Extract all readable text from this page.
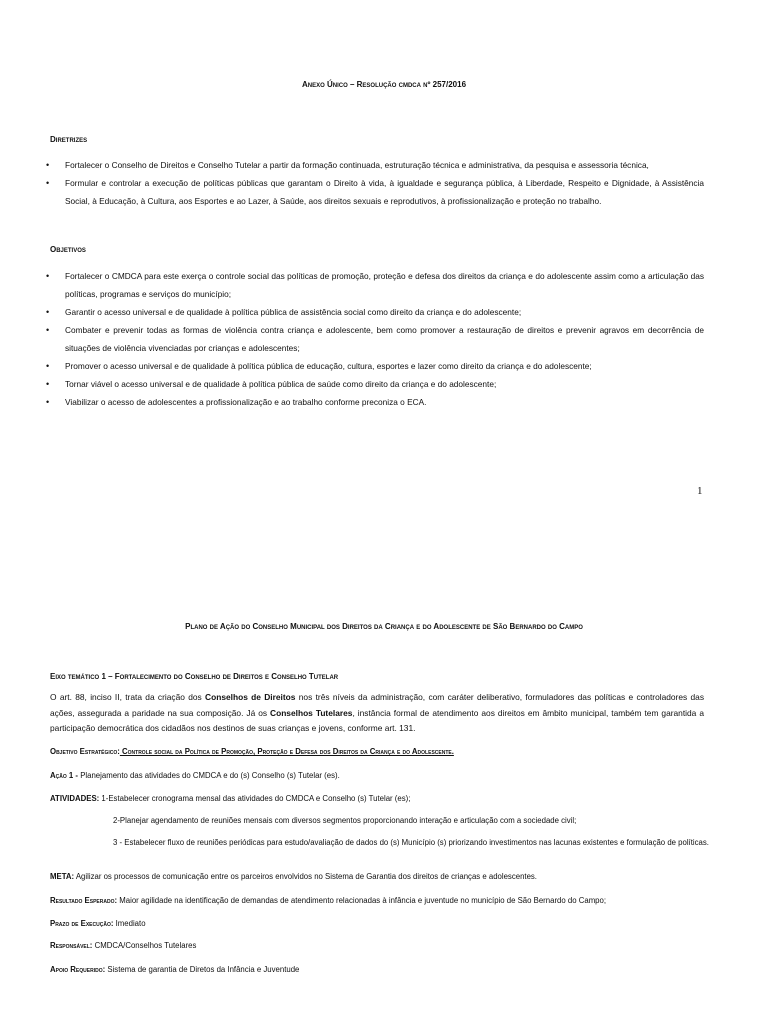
Anexo Único – Resolução cmdca nº 257/2016
Diretrizes
• Fortalecer o Conselho de Direitos e Conselho Tutelar a partir da formação continuada, estruturação técnica e administrativa, da pesquisa e assessoria técnica,
• Formular e controlar a execução de políticas públicas que garantam o Direito à vida, à igualdade e segurança pública, à Liberdade, Respeito e Dignidade, à Assistência Social, à Educação, à Cultura, aos Esportes e ao Lazer, à Saúde, aos direitos sexuais e reprodutivos, à profissionalização e proteção no trabalho.
Objetivos
• Fortalecer o CMDCA para este exerça o controle social das políticas de promoção, proteção e defesa dos direitos da criança e do adolescente assim como a articulação das políticas, programas e serviços do município;
• Garantir o acesso universal e de qualidade à política pública de assistência social como direito da criança e do adolescente;
• Combater e prevenir todas as formas de violência contra criança e adolescente, bem como promover a restauração de direitos e prevenir agravos em decorrência de situações de violência vivenciadas por crianças e adolescentes;
• Promover o acesso universal e de qualidade à política pública de educação, cultura, esportes e lazer como direito da criança e do adolescente;
• Tornar viável o acesso universal e de qualidade à política pública de saúde como direito da criança e do adolescente;
• Viabilizar o acesso de adolescentes a profissionalização e ao trabalho conforme preconiza o ECA.
1
Plano de Ação do Conselho Municipal dos Direitos da Criança e do Adolescente de São Bernardo do Campo
Eixo temático 1 – Fortalecimento do Conselho de Direitos e Conselho Tutelar
O art. 88, inciso II, trata da criação dos Conselhos de Direitos nos três níveis da administração, com caráter deliberativo, formuladores das políticas e controladores das ações, assegurada a paridade na sua composição. Já os Conselhos Tutelares, instância formal de atendimento aos direitos em âmbito municipal, também tem garantida a participação democrática dos cidadãos nos destinos de suas crianças e jovens, conforme art. 131.
Objetivo Estratégico: Controle social da Política de Promoção, Proteção e Defesa dos Direitos da Criança e do Adolescente.
Ação 1 - Planejamento das atividades do CMDCA e do (s) Conselho (s) Tutelar (es).
ATIVIDADES: 1-Estabelecer cronograma mensal das atividades do CMDCA e Conselho (s) Tutelar (es);
2-Planejar agendamento de reuniões mensais com diversos segmentos proporcionando interação e articulação com a sociedade civil;
3 - Estabelecer fluxo de reuniões periódicas para estudo/avaliação de dados do (s) Município (s) priorizando investimentos nas lacunas existentes e formulação de políticas.
META: Agilizar os processos de comunicação entre os parceiros envolvidos no Sistema de Garantia dos direitos de crianças e adolescentes.
Resultado Esperado: Maior agilidade na identificação de demandas de atendimento relacionadas à infância e juventude no município de São Bernardo do Campo;
Prazo de Execução: Imediato
Responsável: CMDCA/Conselhos Tutelares
Apoio Requerido: Sistema de garantia de Diretos da Infância e Juventude
